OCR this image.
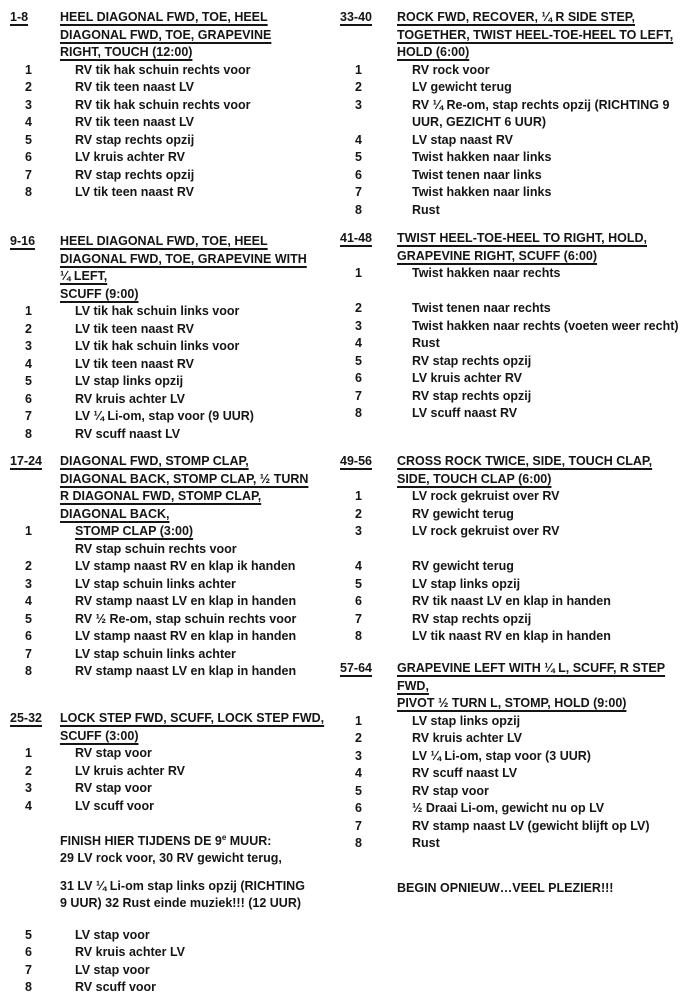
1-8	HEEL DIAGONAL FWD, TOE, HEEL
DIAGONAL FWD, TOE, GRAPEVINE
RIGHT, TOUCH (12:00)
1	RV tik hak schuin rechts voor
2	RV tik teen naast LV
3	RV tik hak schuin rechts voor
4	RV tik teen naast LV
5	RV stap rechts opzij
6	LV kruis achter RV
7	RV stap rechts opzij
8	LV tik teen naast RV
9-16	HEEL DIAGONAL FWD, TOE, HEEL
DIAGONAL FWD, TOE, GRAPEVINE WITH
¼ LEFT,
SCUFF (9:00)
1	LV tik hak schuin links voor
2	LV tik teen naast RV
3	LV tik hak schuin links voor
4	LV tik teen naast RV
5	LV stap links opzij
6	RV kruis achter LV
7	LV ¼ Li-om, stap voor (9 UUR)
8	RV scuff naast LV
17-24	DIAGONAL FWD, STOMP CLAP,
DIAGONAL BACK, STOMP CLAP, ½ TURN
R DIAGONAL FWD, STOMP CLAP,
DIAGONAL BACK,
1	STOMP CLAP (3:00)
RV stap schuin rechts voor
2	LV stamp naast RV en klap ik handen
3	LV stap schuin links achter
4	RV stamp naast LV en klap in handen
5	RV ½ Re-om, stap schuin rechts voor
6	LV stamp naast RV en klap in handen
7	LV stap schuin links achter
8	RV stamp naast LV en klap in handen
25-32	LOCK STEP FWD, SCUFF, LOCK STEP FWD,
SCUFF (3:00)
1	RV stap voor
2	LV kruis achter RV
3	RV stap voor
4	LV scuff voor
FINISH HIER TIJDENS DE 9e MUUR:
29 LV rock voor, 30 RV gewicht terug,
31 LV ¼ Li-om stap links opzij (RICHTING
9 UUR) 32 Rust einde muziek!!! (12 UUR)
5	LV stap voor
6	RV kruis achter LV
7	LV stap voor
8	RV scuff voor
33-40	ROCK FWD, RECOVER, ¼ R SIDE STEP,
TOGETHER, TWIST HEEL-TOE-HEEL TO LEFT,
HOLD (6:00)
1	RV rock voor
2	LV gewicht terug
3	RV ¼ Re-om, stap rechts opzij (RICHTING 9
UUR, GEZICHT 6 UUR)
4	LV stap naast RV
5	Twist hakken naar links
6	Twist tenen naar links
7	Twist hakken naar links
8	Rust
41-48	TWIST HEEL-TOE-HEEL TO RIGHT, HOLD,
GRAPEVINE RIGHT, SCUFF (6:00)
1	Twist hakken naar rechts
2	Twist tenen naar rechts
3	Twist hakken naar rechts (voeten weer recht)
4	Rust
5	RV stap rechts opzij
6	LV kruis achter RV
7	RV stap rechts opzij
8	LV scuff naast RV
49-56	CROSS ROCK TWICE, SIDE, TOUCH CLAP,
SIDE, TOUCH CLAP (6:00)
1	LV rock gekruist over RV
2	RV gewicht terug
3	LV rock gekruist over RV
4	RV gewicht terug
5	LV stap links opzij
6	RV tik naast LV en klap in handen
7	RV stap rechts opzij
8	LV tik naast RV en klap in handen
57-64	GRAPEVINE LEFT WITH ¼ L, SCUFF, R STEP
FWD,
PIVOT ½ TURN L, STOMP, HOLD (9:00)
1	LV stap links opzij
2	RV kruis achter LV
3	LV ¼ Li-om, stap voor (3 UUR)
4	RV scuff naast LV
5	RV stap voor
6	½ Draai Li-om, gewicht nu op LV
7	RV stamp naast LV (gewicht blijft op LV)
8	Rust
BEGIN OPNIEUW…VEEL PLEZIER!!!
